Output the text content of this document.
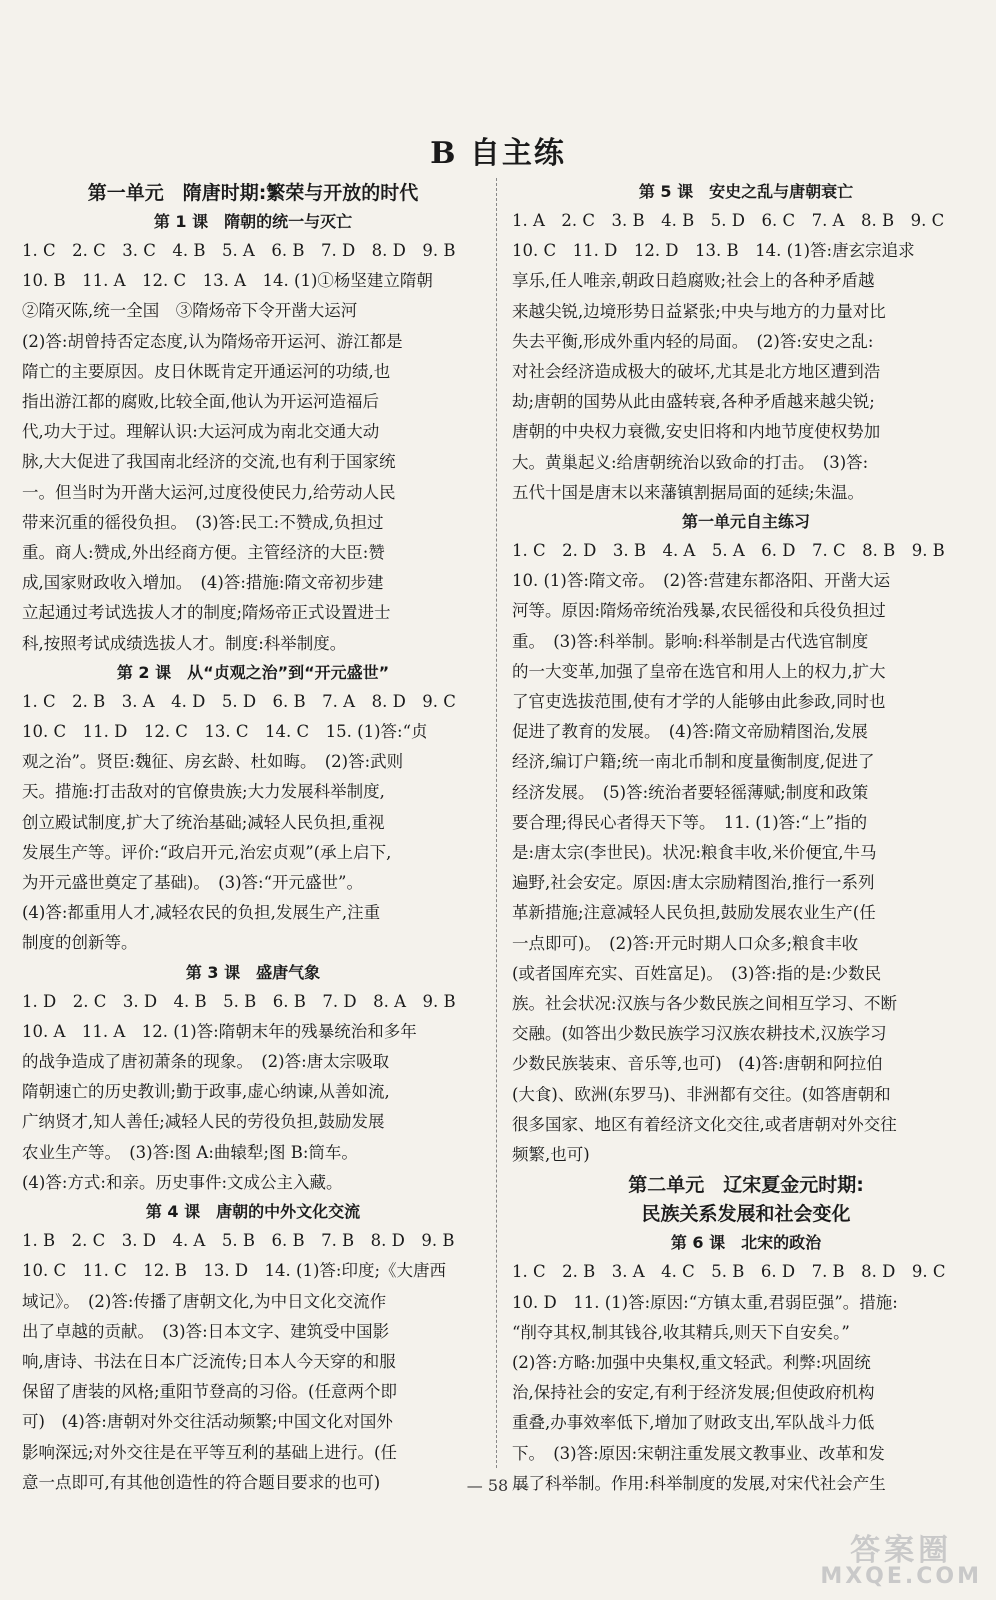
B 自主练
第一单元　隋唐时期:繁荣与开放的时代
第 1 课　隋朝的统一与灭亡
1. C　2. C　3. C　4. B　5. A　6. B　7. D　8. D　9. B
10. B　11. A　12. C　13. A　14. (1)①杨坚建立隋朝
②隋灭陈,统一全国　③隋炀帝下令开凿大运河
(2)答:胡曾持否定态度,认为隋炀帝开运河、游江都是
隋亡的主要原因。皮日休既肯定开通运河的功绩,也
指出游江都的腐败,比较全面,他认为开运河造福后
代,功大于过。理解认识:大运河成为南北交通大动
脉,大大促进了我国南北经济的交流,也有利于国家统
一。但当时为开凿大运河,过度役使民力,给劳动人民
带来沉重的徭役负担。　(3)答:民工:不赞成,负担过
重。商人:赞成,外出经商方便。主管经济的大臣:赞
成,国家财政收入增加。　(4)答:措施:隋文帝初步建
立起通过考试选拔人才的制度;隋炀帝正式设置进士
科,按照考试成绩选拔人才。制度:科举制度。
第 2 课　从“贞观之治”到“开元盛世”
1. C　2. B　3. A　4. D　5. D　6. B　7. A　8. D　9. C
10. C　11. D　12. C　13. C　14. C　15. (1)答:“贞
观之治”。贤臣:魏征、房玄龄、杜如晦。　(2)答:武则
天。措施:打击敌对的官僚贵族;大力发展科举制度,
创立殿试制度,扩大了统治基础;减轻人民负担,重视
发展生产等。评价:“政启开元,治宏贞观”(承上启下,
为开元盛世奠定了基础)。　(3)答:“开元盛世”。
(4)答:都重用人才,减轻农民的负担,发展生产,注重
制度的创新等。
第 3 课　盛唐气象
1. D　2. C　3. D　4. B　5. B　6. B　7. D　8. A　9. B
10. A　11. A　12. (1)答:隋朝末年的残暴统治和多年
的战争造成了唐初萧条的现象。　(2)答:唐太宗吸取
隋朝速亡的历史教训;勤于政事,虚心纳谏,从善如流,
广纳贤才,知人善任;减轻人民的劳役负担,鼓励发展
农业生产等。　(3)答:图 A:曲辕犁;图 B:筒车。
(4)答:方式:和亲。历史事件:文成公主入藏。
第 4 课　唐朝的中外文化交流
1. B　2. C　3. D　4. A　5. B　6. B　7. B　8. D　9. B
10. C　11. C　12. B　13. D　14. (1)答:印度;《大唐西
域记》。　(2)答:传播了唐朝文化,为中日文化交流作
出了卓越的贡献。　(3)答:日本文字、建筑受中国影
响,唐诗、书法在日本广泛流传;日本人今天穿的和服
保留了唐装的风格;重阳节登高的习俗。(任意两个即
可)　(4)答:唐朝对外交往活动频繁;中国文化对国外
影响深远;对外交往是在平等互利的基础上进行。(任
意一点即可,有其他创造性的符合题目要求的也可)
第 5 课　安史之乱与唐朝衰亡
1. A　2. C　3. B　4. B　5. D　6. C　7. A　8. B　9. C
10. C　11. D　12. D　13. B　14. (1)答:唐玄宗追求
享乐,任人唯亲,朝政日趋腐败;社会上的各种矛盾越
来越尖锐,边境形势日益紧张;中央与地方的力量对比
失去平衡,形成外重内轻的局面。　(2)答:安史之乱:
对社会经济造成极大的破坏,尤其是北方地区遭到浩
劫;唐朝的国势从此由盛转衰,各种矛盾越来越尖锐;
唐朝的中央权力衰微,安史旧将和内地节度使权势加
大。黄巢起义:给唐朝统治以致命的打击。　(3)答:
五代十国是唐末以来藩镇割据局面的延续;朱温。
第一单元自主练习
1. C　2. D　3. B　4. A　5. A　6. D　7. C　8. B　9. B
10. (1)答:隋文帝。　(2)答:营建东都洛阳、开凿大运
河等。原因:隋炀帝统治残暴,农民徭役和兵役负担过
重。　(3)答:科举制。影响:科举制是古代选官制度
的一大变革,加强了皇帝在选官和用人上的权力,扩大
了官吏选拔范围,使有才学的人能够由此参政,同时也
促进了教育的发展。　(4)答:隋文帝励精图治,发展
经济,编订户籍;统一南北币制和度量衡制度,促进了
经济发展。　(5)答:统治者要轻徭薄赋;制度和政策
要合理;得民心者得天下等。　11. (1)答:“上”指的
是:唐太宗(李世民)。状况:粮食丰收,米价便宜,牛马
遍野,社会安定。原因:唐太宗励精图治,推行一系列
革新措施;注意减轻人民负担,鼓励发展农业生产(任
一点即可)。　(2)答:开元时期人口众多;粮食丰收
(或者国库充实、百姓富足)。　(3)答:指的是:少数民
族。社会状况:汉族与各少数民族之间相互学习、不断
交融。(如答出少数民族学习汉族农耕技术,汉族学习
少数民族装束、音乐等,也可)　(4)答:唐朝和阿拉伯
(大食)、欧洲(东罗马)、非洲都有交往。(如答唐朝和
很多国家、地区有着经济文化交往,或者唐朝对外交往
频繁,也可)
第二单元　辽宋夏金元时期:
民族关系发展和社会变化
第 6 课　北宋的政治
1. C　2. B　3. A　4. C　5. B　6. D　7. B　8. D　9. C
10. D　11. (1)答:原因:“方镇太重,君弱臣强”。措施:
“削夺其权,制其钱谷,收其精兵,则天下自安矣。”
(2)答:方略:加强中央集权,重文轻武。利弊:巩固统
治,保持社会的安定,有利于经济发展;但使政府机构
重叠,办事效率低下,增加了财政支出,军队战斗力低
下。　(3)答:原因:宋朝注重发展文教事业、改革和发
展了科举制。作用:科举制度的发展,对宋代社会产生
— 58 —
答案圈
MXQE.COM
